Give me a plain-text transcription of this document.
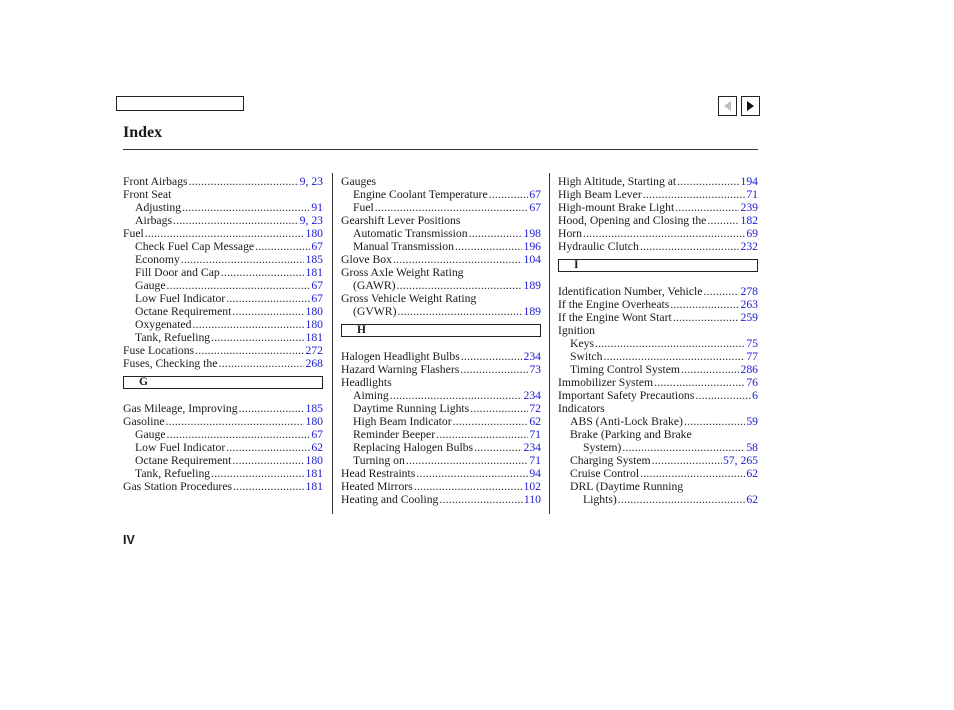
Index
Front Airbags .....	9, 23
Front Seat
Adjusting .....	91
Airbags .....	9, 23
Fuel .....	180
Check Fuel Cap Message .....	67
Economy .....	185
Fill Door and Cap .....	181
Gauge .....	67
Low Fuel Indicator .....	67
Octane Requirement .....	180
Oxygenated .....	180
Tank, Refueling .....	181
Fuse Locations .....	272
Fuses, Checking the .....	268
G
Gas Mileage, Improving .....	185
Gasoline .....	180
Gauge .....	67
Low Fuel Indicator .....	62
Octane Requirement .....	180
Tank, Refueling .....	181
Gas Station Procedures .....	181
Gauges
Engine Coolant Temperature .....	67
Fuel .....	67
Gearshift Lever Positions
Automatic Transmission .....	198
Manual Transmission .....	196
Glove Box .....	104
Gross Axle Weight Rating
(GAWR) .....	189
Gross Vehicle Weight Rating
(GVWR) .....	189
H
Halogen Headlight Bulbs .....	234
Hazard Warning Flashers .....	73
Headlights
Aiming .....	234
Daytime Running Lights .....	72
High Beam Indicator .....	62
Reminder Beeper .....	71
Replacing Halogen Bulbs .....	234
Turning on .....	71
Head Restraints .....	94
Heated Mirrors .....	102
Heating and Cooling .....	110
High Altitude, Starting at .....	194
High Beam Lever .....	71
High-mount Brake Light .....	239
Hood, Opening and Closing the .....	182
Horn .....	69
Hydraulic Clutch .....	232
I
Identification Number, Vehicle .....	278
If the Engine Overheats .....	263
If the Engine Wont Start .....	259
Ignition
Keys .....	75
Switch .....	77
Timing Control System .....	286
Immobilizer System .....	76
Important Safety Precautions .....	6
Indicators
ABS (Anti-Lock Brake) .....	59
Brake (Parking and Brake
System) .....	58
Charging System .....	57, 265
Cruise Control .....	62
DRL (Daytime Running
Lights) .....	62

IV
